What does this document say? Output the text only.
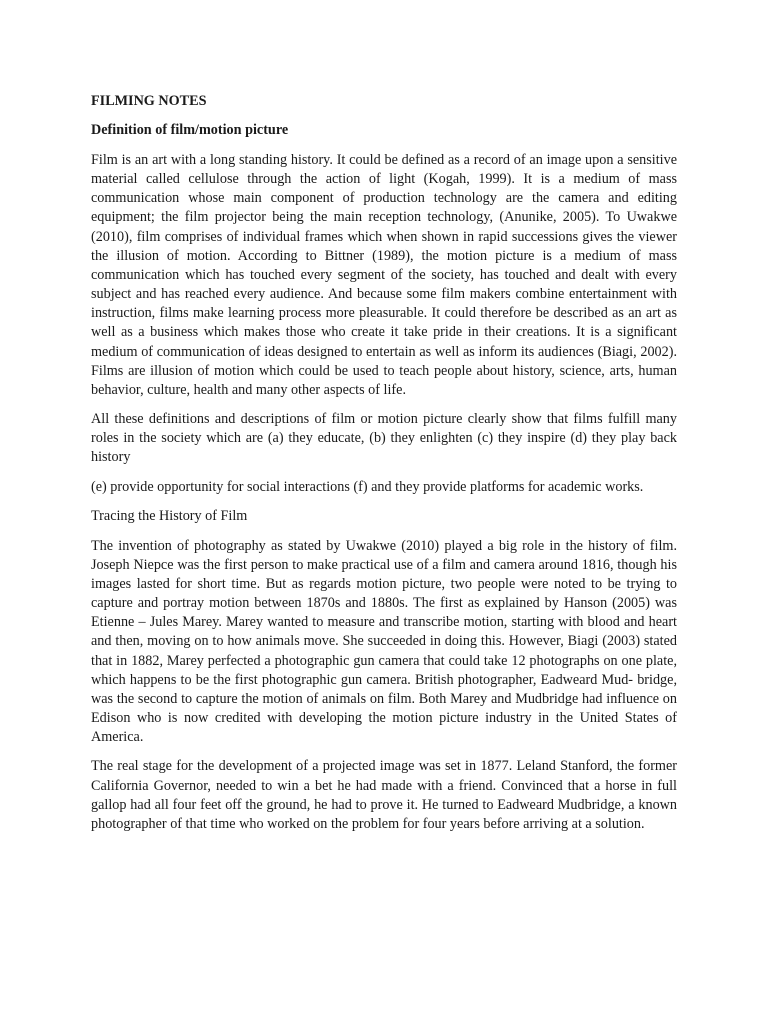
FILMING NOTES

Definition of film/motion picture

Film is an art with a long standing history. It could be defined as a record of an image upon a sensitive material called cellulose through the action of light (Kogah, 1999). It is a medium of mass communication whose main component of production technology are the camera and editing equipment; the film projector being the main reception technology, (Anunike, 2005). To Uwakwe (2010), film comprises of individual frames which when shown in rapid successions gives the viewer the illusion of motion. According to Bittner (1989), the motion picture is a medium of mass communication which has touched every segment of the society, has touched and dealt with every subject and has reached every audience. And because some film makers combine entertainment with instruction, films make learning process more pleasurable. It could therefore be described as an art as well as a business which makes those who create it take pride in their creations. It is a significant medium of communication of ideas designed to entertain as well as inform its audiences (Biagi, 2002). Films are illusion of motion which could be used to teach people about history, science, arts, human behavior, culture, health and many other aspects of life.

All these definitions and descriptions of film or motion picture clearly show that films fulfill many roles in the society which are (a) they educate, (b) they enlighten (c) they inspire (d) they play back history

(e) provide opportunity for social interactions (f) and they provide platforms for academic works.

Tracing the History of Film

The invention of photography as stated by Uwakwe (2010) played a big role in the history of film. Joseph Niepce was the first person to make practical use of a film and camera around 1816, though his images lasted for short time. But as regards motion picture, two people were noted to be trying to capture and portray motion between 1870s and 1880s. The first as explained by Hanson (2005) was Etienne – Jules Marey. Marey wanted to measure and transcribe motion, starting with blood and heart and then, moving on to how animals move. She succeeded in doing this. However, Biagi (2003) stated that in 1882, Marey perfected a photographic gun camera that could take 12 photographs on one plate, which happens to be the first photographic gun camera. British photographer, Eadweard Mud- bridge, was the second to capture the motion of animals on film. Both Marey and Mudbridge had influence on Edison who is now credited with developing the motion picture industry in the United States of America.

The real stage for the development of a projected image was set in 1877. Leland Stanford, the former California Governor, needed to win a bet he had made with a friend. Convinced that a horse in full gallop had all four feet off the ground, he had to prove it. He turned to Eadweard Mudbridge, a known photographer of that time who worked on the problem for four years before arriving at a solution.
